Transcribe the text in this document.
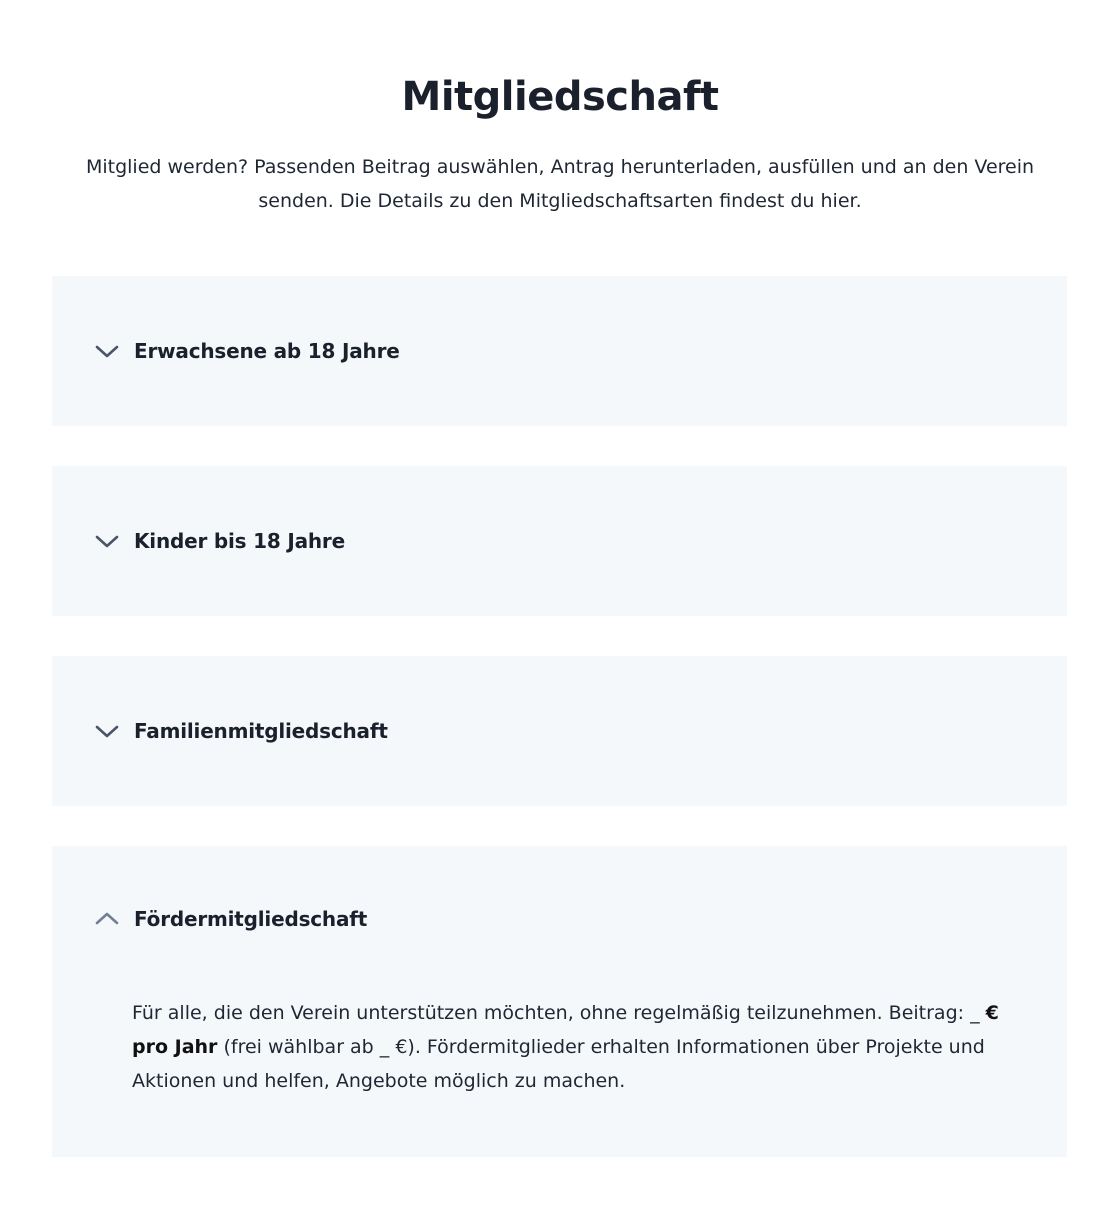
Mitgliedschaft

Mitglied werden? Passenden Beitrag auswählen, Antrag herunterladen, ausfüllen und an den Verein senden. Die Details zu den Mitgliedschaftsarten findest du hier.

Erwachsene ab 18 Jahre
Kinder bis 18 Jahre
Familienmitgliedschaft
Fördermitgliedschaft

Für alle, die den Verein unterstützen möchten, ohne regelmäßig teilzunehmen. Beitrag: _ € pro Jahr (frei wählbar ab _ €). Fördermitglieder erhalten Informationen über Projekte und Aktionen und helfen, Angebote möglich zu machen.
